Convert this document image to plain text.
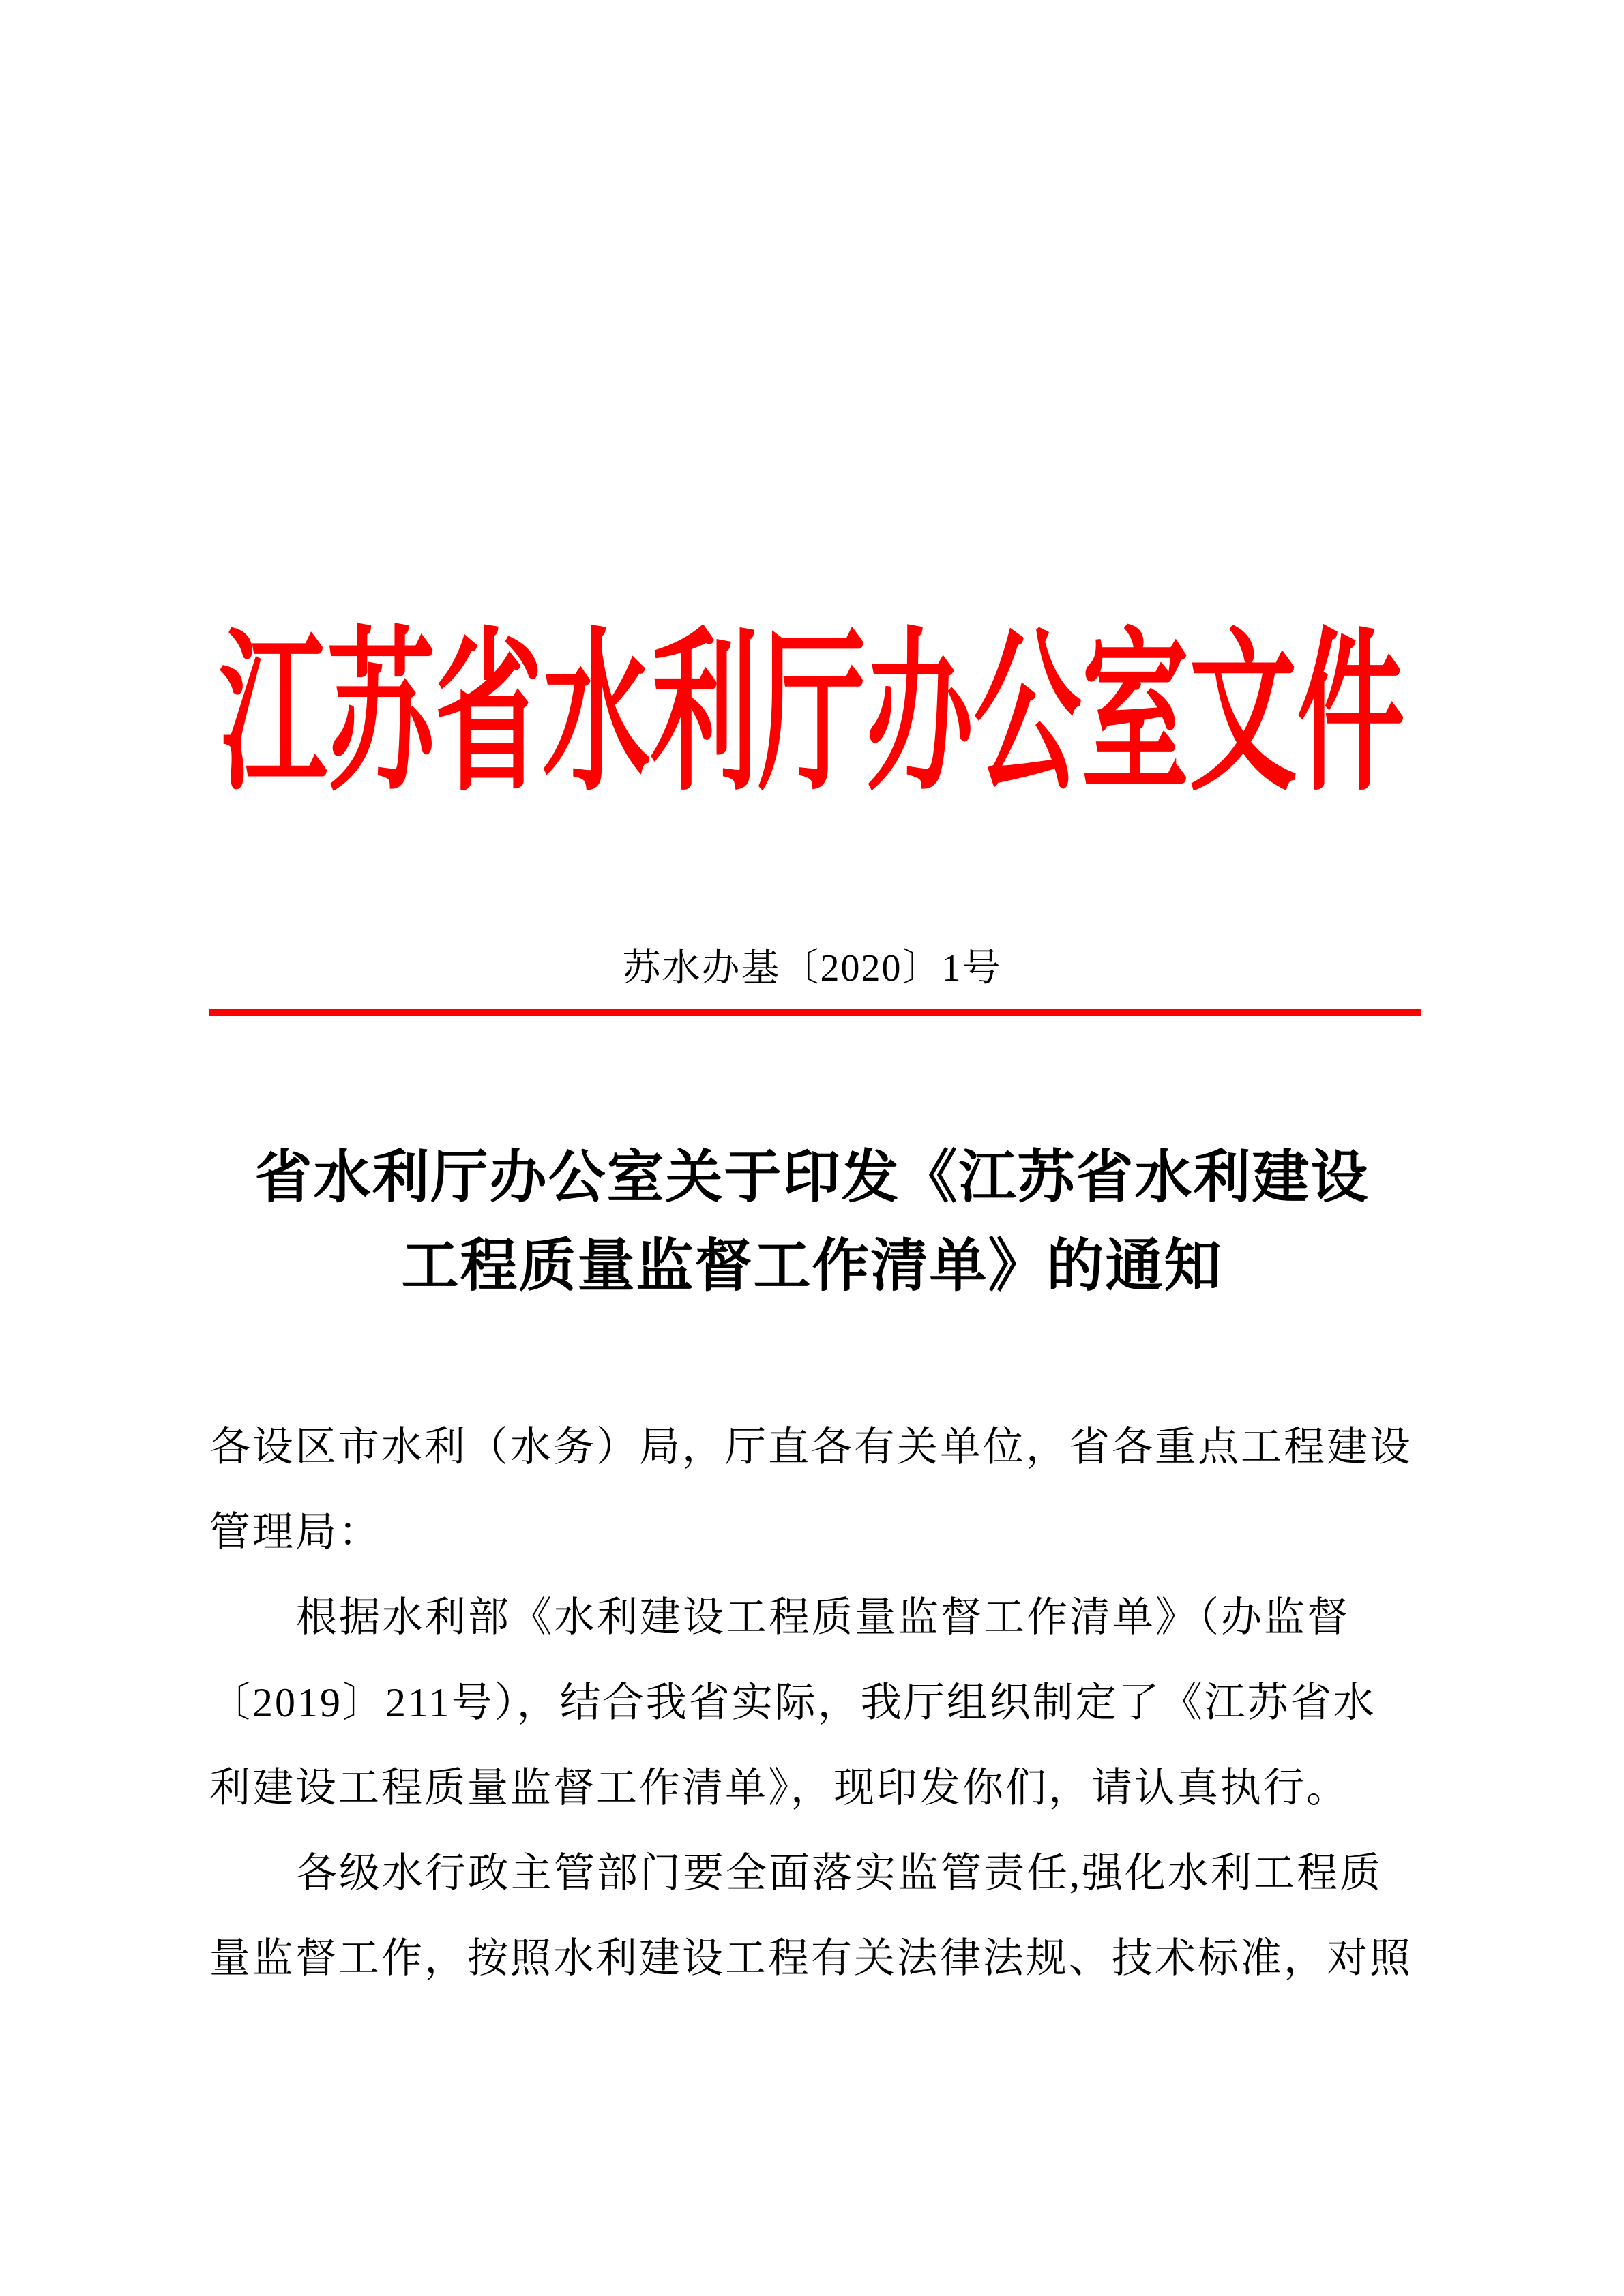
江苏省水利厅办公室文件
苏水办基〔2020〕1号
省水利厅办公室关于印发《江苏省水利建设
工程质量监督工作清单》的通知
各设区市水利（水务）局，厅直各有关单位，省各重点工程建设
管理局：
根据水利部《水利建设工程质量监督工作清单》（办监督
〔2019〕211号），结合我省实际，我厅组织制定了《江苏省水
利建设工程质量监督工作清单》，现印发你们，请认真执行。
各级水行政主管部门要全面落实监管责任,强化水利工程质
量监督工作，按照水利建设工程有关法律法规、技术标准，对照
